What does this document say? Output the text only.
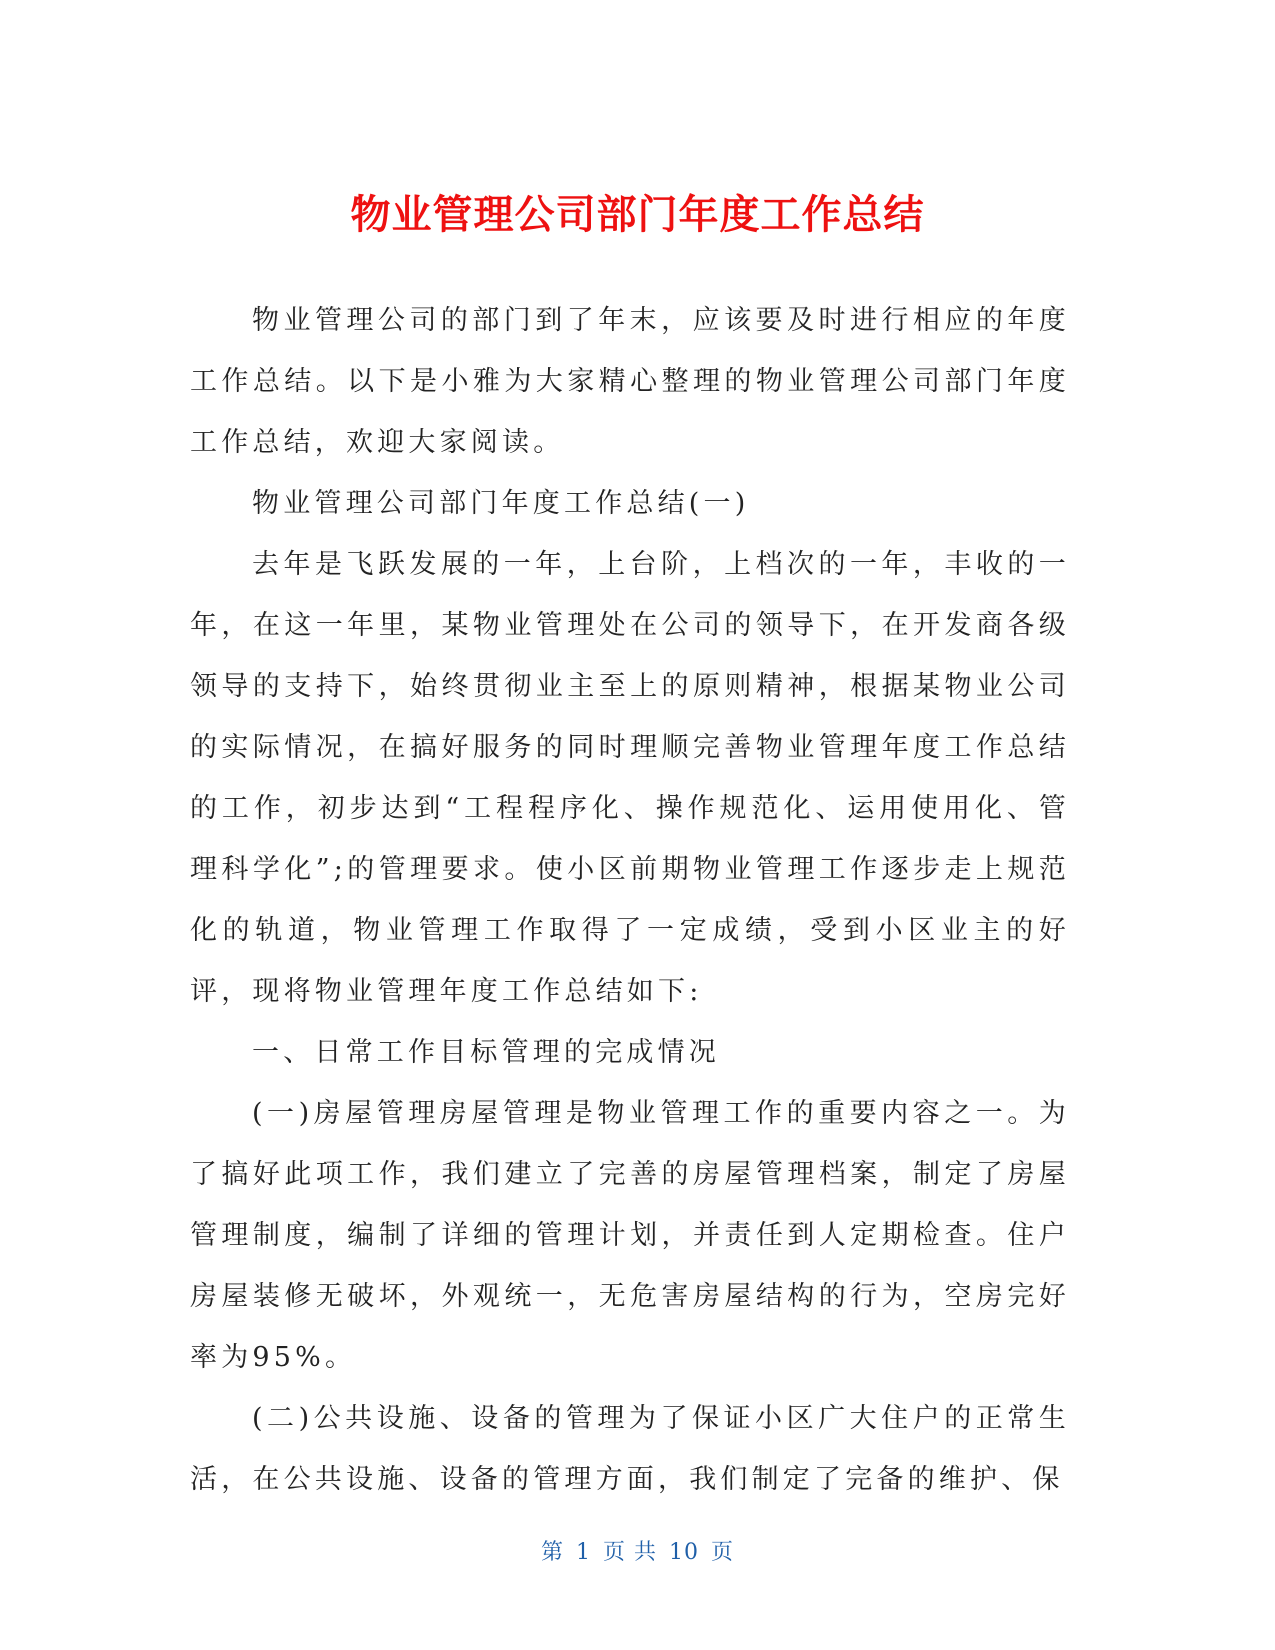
物业管理公司部门年度工作总结

物业管理公司的部门到了年末，应该要及时进行相应的年度工作总结。以下是小雅为大家精心整理的物业管理公司部门年度工作总结，欢迎大家阅读。

物业管理公司部门年度工作总结(一)

去年是飞跃发展的一年，上台阶，上档次的一年，丰收的一年，在这一年里，某物业管理处在公司的领导下，在开发商各级领导的支持下，始终贯彻业主至上的原则精神，根据某物业公司的实际情况，在搞好服务的同时理顺完善物业管理年度工作总结的工作，初步达到“工程程序化、操作规范化、运用使用化、管理科学化”;的管理要求。使小区前期物业管理工作逐步走上规范化的轨道，物业管理工作取得了一定成绩，受到小区业主的好评，现将物业管理年度工作总结如下:

一、日常工作目标管理的完成情况

(一)房屋管理房屋管理是物业管理工作的重要内容之一。为了搞好此项工作，我们建立了完善的房屋管理档案，制定了房屋管理制度，编制了详细的管理计划，并责任到人定期检查。住户房屋装修无破坏，外观统一，无危害房屋结构的行为，空房完好率为95%。

(二)公共设施、设备的管理为了保证小区广大住户的正常生活，在公共设施、设备的管理方面，我们制定了完备的维护、保

第 1 页 共 10 页
